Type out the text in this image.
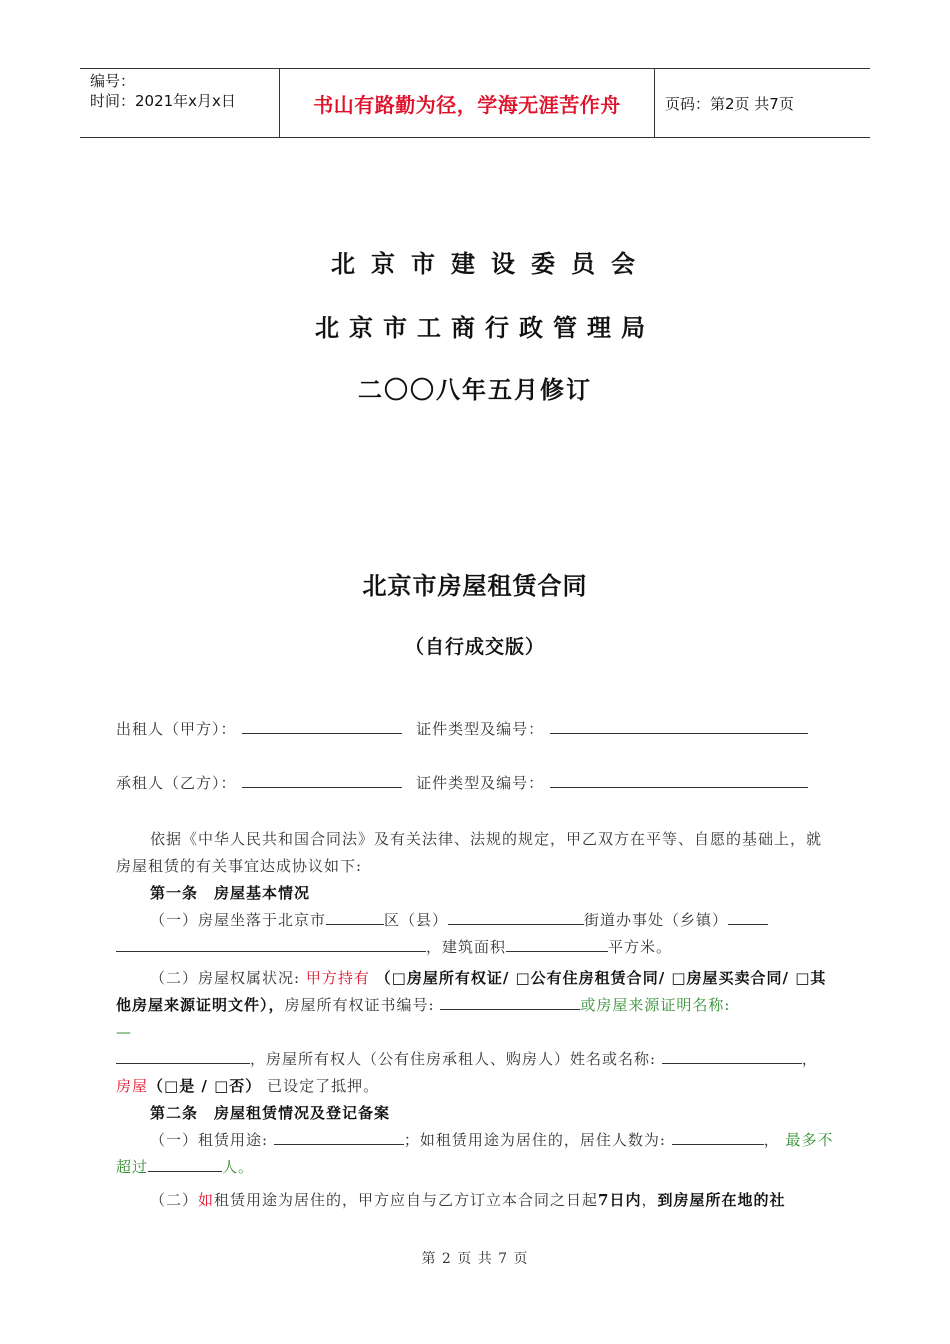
编号：
时间：2021年x月x日	书山有路勤为径，学海无涯苦作舟	页码：第2页 共7页
北京市建设委员会
北京市工商行政管理局
二〇〇八年五月修订
北京市房屋租赁合同
（自行成交版）
出租人（甲方）：	证件类型及编号：
承租人（乙方）：	证件类型及编号：

依据《中华人民共和国合同法》及有关法律、法规的规定，甲乙双方在平等、自愿的基础上，就房屋租赁的有关事宜达成协议如下:

第一条　房屋基本情况

（一）房屋坐落于北京市	区（县）	街道办事处（乡镇），建筑面积	平方米。

（二）房屋权属状况: 甲方持有 （□房屋所有权证/ □公有住房租赁合同/ □房屋买卖合同/ □其他房屋来源证明文件），房屋所有权证书编号:	或房屋来源证明名称:
—
，房屋所有权人（公有住房承租人、购房人）姓名或名称:	，
房屋（□是 / □否） 已设定了抵押。

第二条　房屋租赁情况及登记备案

（一）租赁用途:	；如租赁用途为居住的，居住人数为:	， 最多不超过	人。

（二）如租赁用途为居住的，甲方应自与乙方订立本合同之日起7日内，到房屋所在地的社

第 2 页 共 7 页
